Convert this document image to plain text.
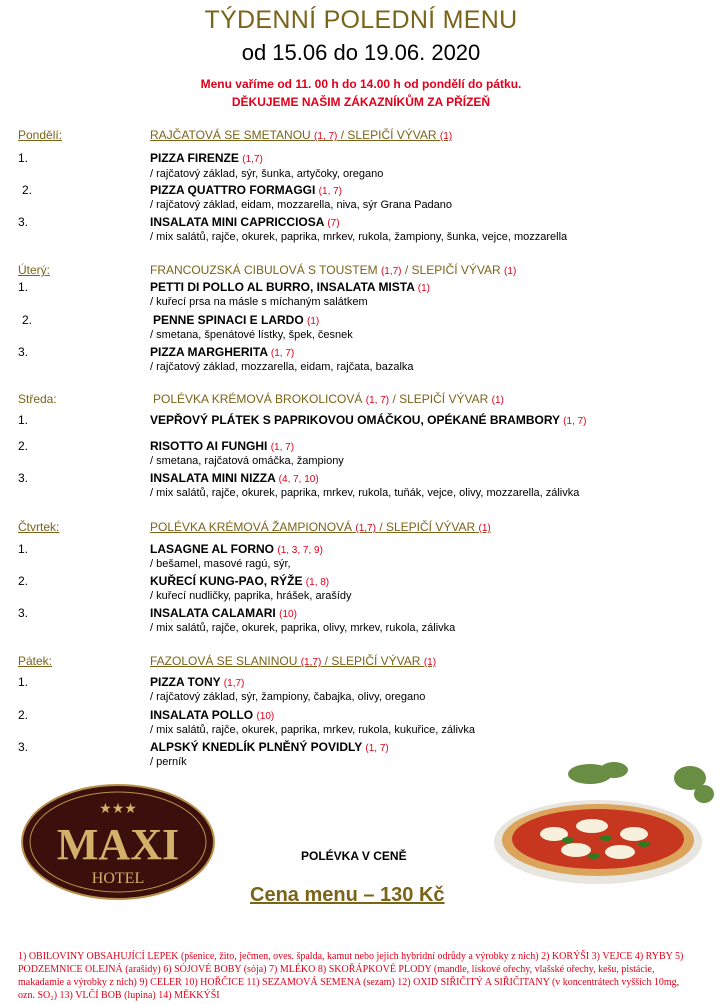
TÝDENNÍ POLEDNÍ MENU
od 15.06 do 19.06. 2020
Menu vaříme od 11. 00 h do 14.00 h od pondělí do pátku.
DĚKUJEME NAŠIM ZÁKAZNÍKŮM ZA PŘÍZEŇ
Pondělí:	RAJČATOVÁ SE SMETANOU (1, 7) / SLEPIČÍ VÝVAR (1)
1.	PIZZA FIRENZE (1,7)
/ rajčatový základ, sýr, šunka, artyčoky, oregano
2.	PIZZA QUATTRO FORMAGGI (1, 7)
/ rajčatový základ, eidam, mozzarella, niva, sýr Grana Padano
3.	INSALATA MINI CAPRICCIOSA (7)
/ mix salátů, rajče, okurek, paprika, mrkev, rukola, žampiony, šunka, vejce, mozzarella
Úterý:	FRANCOUZSKÁ CIBULOVÁ S TOUSTEM (1,7) / SLEPIČÍ VÝVAR (1)
1.	PETTI DI POLLO AL BURRO, INSALATA MISTA (1)
/ kuřecí prsa na másle s míchaným salátkem
2.	PENNE SPINACI E LARDO (1)
/ smetana, špenátové lístky, špek, česnek
3.	PIZZA MARGHERITA (1, 7)
/ rajčatový základ, mozzarella, eidam, rajčata, bazalka
Středa:	POLÉVKA KRÉMOVÁ BROKOLICOVÁ (1, 7) / SLEPIČÍ VÝVAR (1)
1.	VEPŘOVÝ PLÁTEK S PAPRIKOVOU OMÁČKOU, OPÉKANÉ BRAMBORY (1, 7)
2.	RISOTTO AI FUNGHI (1, 7)
/ smetana, rajčatová omáčka, žampiony
3.	INSALATA MINI NIZZA (4, 7, 10)
/ mix salátů, rajče, okurek, paprika, mrkev, rukola, tuňák, vejce, olivy, mozzarella, zálivka
Čtvrtek:	POLÉVKA KRÉMOVÁ ŽAMPIONOVÁ (1,7) / SLEPIČÍ VÝVAR (1)
1.	LASAGNE AL FORNO (1, 3, 7, 9)
/ bešamel, masové ragú, sýr,
2.	KUŘECÍ KUNG-PAO, RÝŽE (1, 8)
/ kuřecí nudličky, paprika, hrášek, arašídy
3.	INSALATA CALAMARI (10)
/ mix salátů, rajče, okurek, paprika, olivy, mrkev, rukola, zálivka
Pátek:	FAZOLOVÁ SE SLANINOU (1,7) / SLEPIČÍ VÝVAR (1)
1.	PIZZA TONY (1,7)
/ rajčatový základ, sýr, žampiony, čabajka, olivy, oregano
2.	INSALATA POLLO (10)
/ mix salátů, rajče, okurek, paprika, mrkev, rukola, kukuřice, zálivka
3.	ALPSKÝ KNEDLÍK PLNĚNÝ POVIDLY (1, 7)
/ perník
★★★
MAXI
HOTEL
POLÉVKA V CENĚ
Cena menu – 130 Kč
1) OBILOVINY OBSAHUJÍCÍ LEPEK (pšenice, žito, ječmen, oves. špalda, kamut nebo jejich hybridní odrůdy a výrobky z nich) 2) KORÝŠI 3) VEJCE 4) RYBY 5) PODZEMNICE OLEJNÁ (arašídy) 6) SÓJOVÉ BOBY (sója) 7) MLÉKO 8) SKOŘÁPKOVÉ PLODY (mandle, lískové ořechy, vlašské ořechy, kešu, pistácie, makadamie a výrobky z nich) 9) CELER 10) HOŘČICE 11) SEZAMOVÁ SEMENA (sezam) 12) OXID SIŘIČITÝ A SIŘIČITANY (v koncentrátech vyšších 10mg, ozn. SO₂) 13) VLČÍ BOB (lupina) 14) MĚKKÝŠI
